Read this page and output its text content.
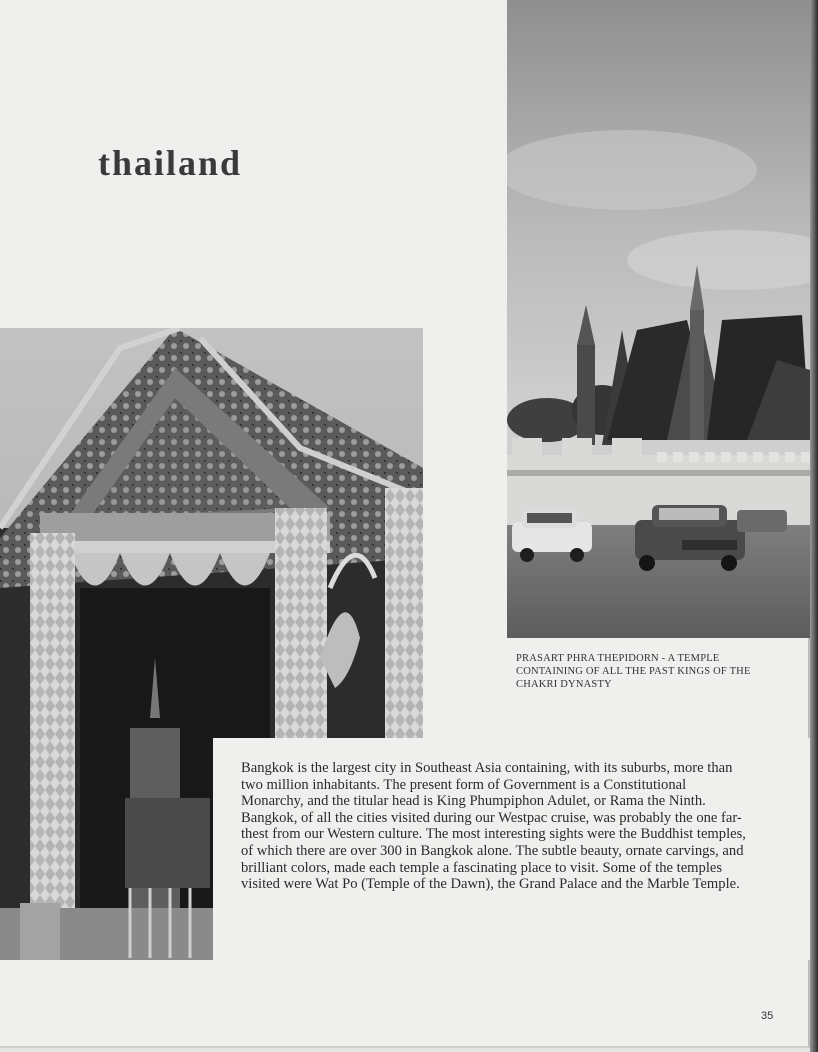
thailand
PRASART PHRA THEPIDORN - A TEMPLE CONTAINING OF ALL THE PAST KINGS OF THE CHAKRI DYNASTY

Bangkok is the largest city in Southeast Asia containing, with its suburbs, more than two million inhabitants. The present form of Government is a Constitutional Monarchy, and the titular head is King Phumpiphon Adulet, or Rama the Ninth. Bangkok, of all the cities visited during our Westpac cruise, was probably the one far-thest from our Western culture. The most interesting sights were the Buddhist temples, of which there are over 300 in Bangkok alone. The subtle beauty, ornate carvings, and brilliant colors, made each temple a fascinating place to visit. Some of the temples visited were Wat Po (Temple of the Dawn), the Grand Palace and the Marble Temple.

35
